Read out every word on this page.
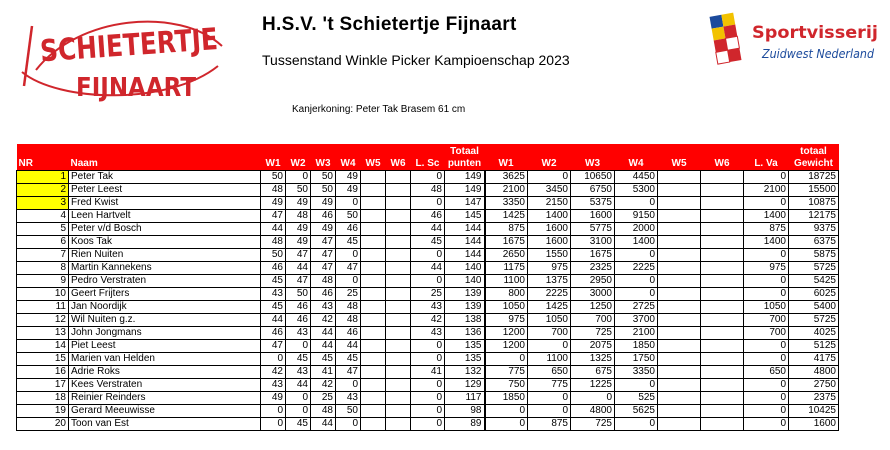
SCHIETERTJE
FIJNAART
H.S.V. 't Schietertje Fijnaart
Tussenstand Winkle Picker Kampioenschap 2023
Kanjerkoning: Peter Tak Brasem 61 cm
Sportvisserij
Zuidwest Nederland
									Totaal								totaal
NR	Naam	W1	W2	W3	W4	W5	W6	L. Sc	punten	W1	W2	W3	W4	W5	W6	L. Va	Gewicht
1	Peter Tak	50	0	50	49			0	149	3625	0	10650	4450			0	18725
2	Peter Leest	48	50	50	49			48	149	2100	3450	6750	5300			2100	15500
3	Fred Kwist	49	49	49	0			0	147	3350	2150	5375	0			0	10875
4	Leen Hartvelt	47	48	46	50			46	145	1425	1400	1600	9150			1400	12175
5	Peter v/d Bosch	44	49	49	46			44	144	875	1600	5775	2000			875	9375
6	Koos Tak	48	49	47	45			45	144	1675	1600	3100	1400			1400	6375
7	Rien Nuiten	50	47	47	0			0	144	2650	1550	1675	0			0	5875
8	Martin Kannekens	46	44	47	47			44	140	1175	975	2325	2225			975	5725
9	Pedro Verstraten	45	47	48	0			0	140	1100	1375	2950	0			0	5425
10	Geert Frijters	43	50	46	25			25	139	800	2225	3000	0			0	6025
11	Jan Noordijk	45	46	43	48			43	139	1050	1425	1250	2725			1050	5400
12	Wil Nuiten g.z.	44	46	42	48			42	138	975	1050	700	3700			700	5725
13	John Jongmans	46	43	44	46			43	136	1200	700	725	2100			700	4025
14	Piet Leest	47	0	44	44			0	135	1200	0	2075	1850			0	5125
15	Marien van Helden	0	45	45	45			0	135	0	1100	1325	1750			0	4175
16	Adrie Roks	42	43	41	47			41	132	775	650	675	3350			650	4800
17	Kees Verstraten	43	44	42	0			0	129	750	775	1225	0			0	2750
18	Reinier Reinders	49	0	25	43			0	117	1850	0	0	525			0	2375
19	Gerard Meeuwisse	0	0	48	50			0	98	0	0	4800	5625			0	10425
20	Toon van Est	0	45	44	0			0	89	0	875	725	0			0	1600
